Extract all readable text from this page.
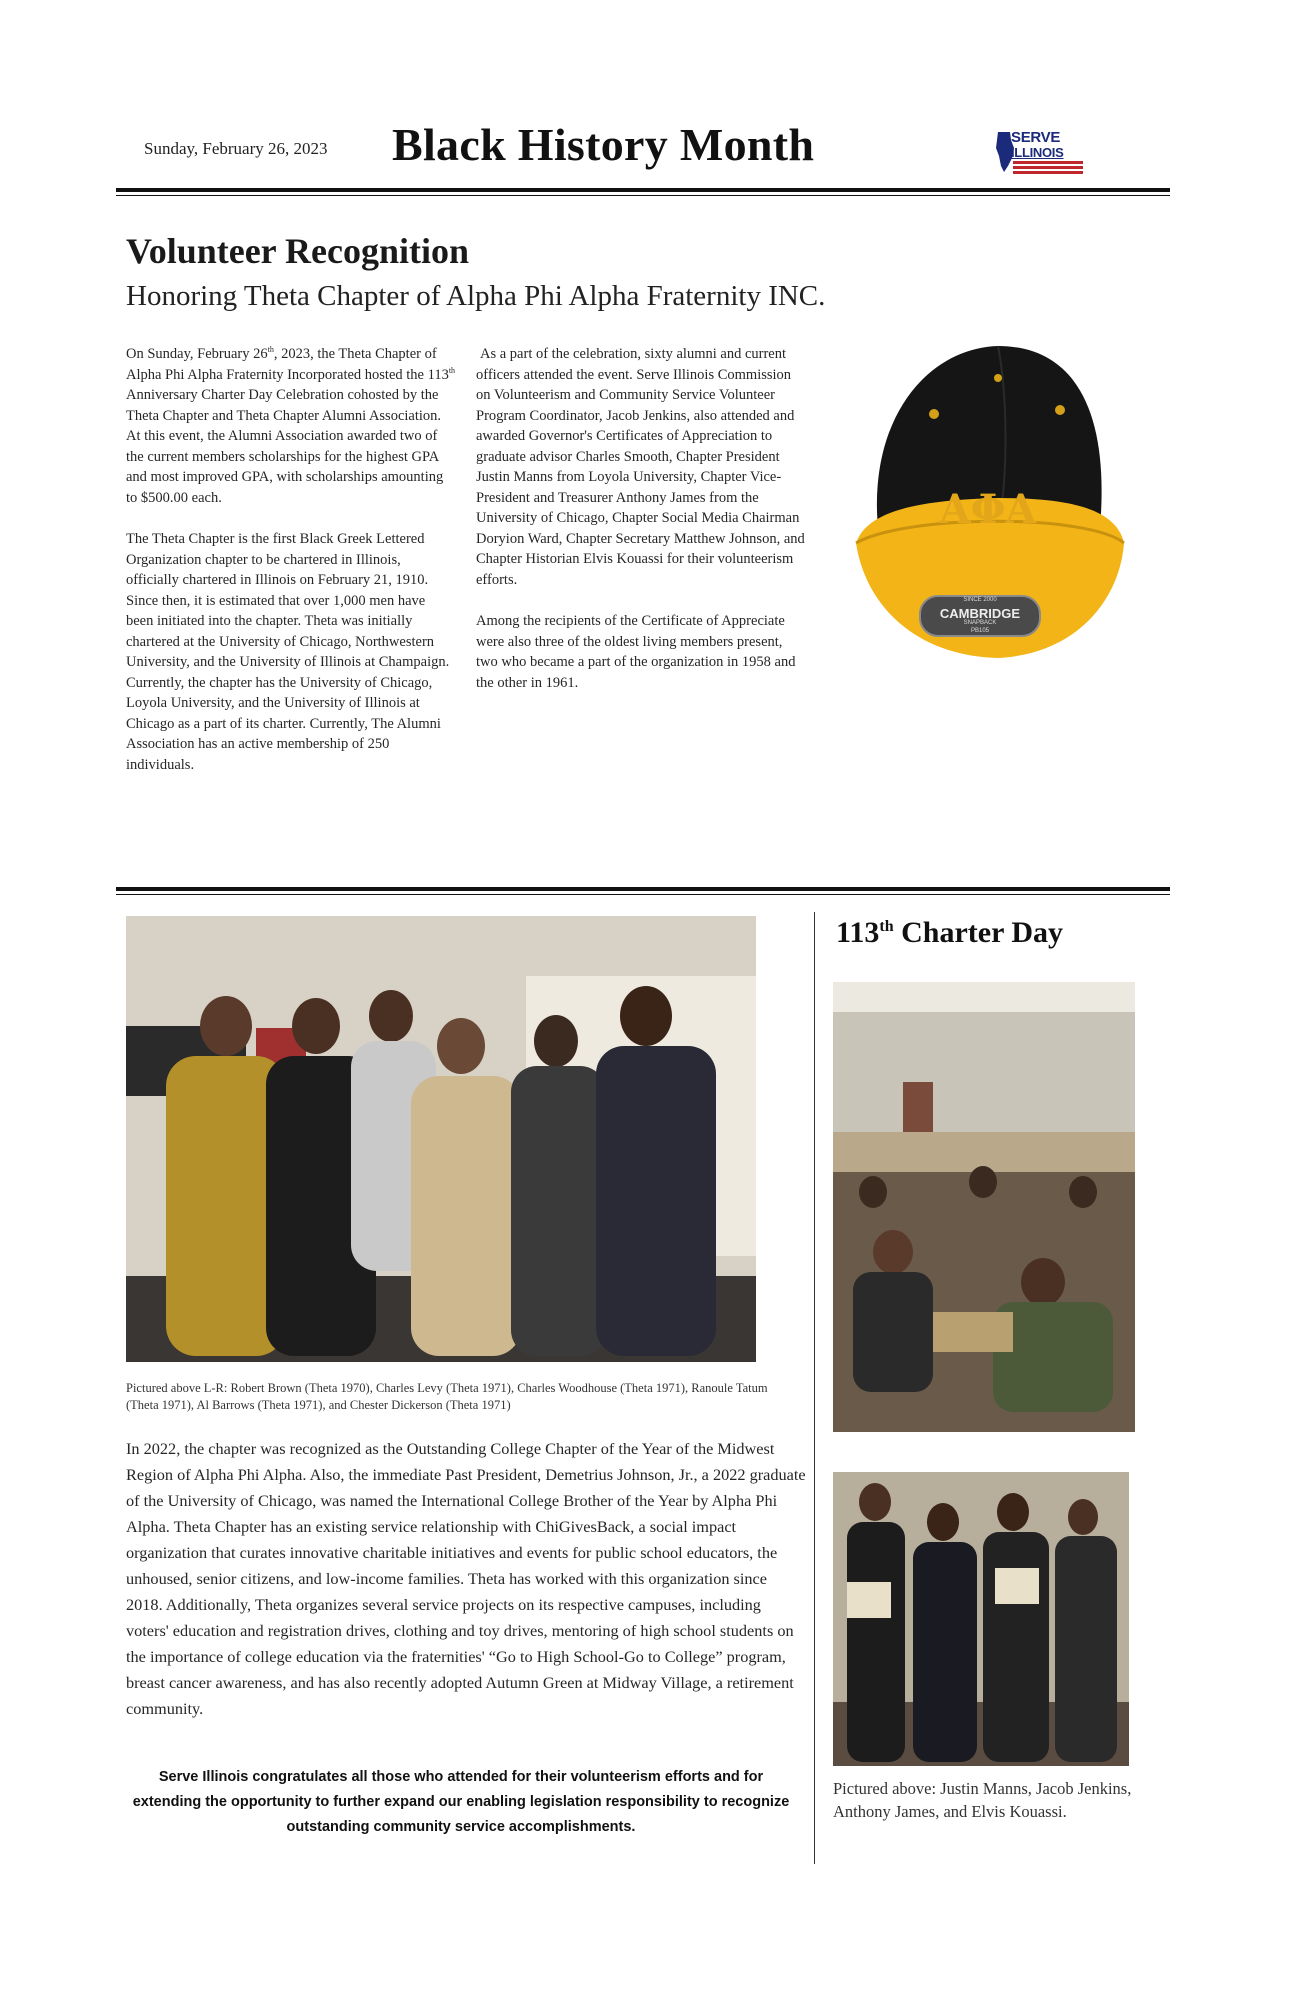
Sunday, February 26, 2023 Black History Month	SERVE
ILLINOIS
Volunteer Recognition
Honoring Theta Chapter of Alpha Phi Alpha Fraternity INC.

On Sunday, February 26th, 2023, the Theta Chapter of Alpha Phi Alpha Fraternity Incorporated hosted the 113th Anniversary Charter Day Celebration cohosted by the Theta Chapter and Theta Chapter Alumni Association. At this event, the Alumni Association awarded two of the current members scholarships for the highest GPA and most improved GPA, with scholarships amounting to $500.00 each.

The Theta Chapter is the first Black Greek Lettered Organization chapter to be chartered in Illinois, officially chartered in Illinois on February 21, 1910. Since then, it is estimated that over 1,000 men have been initiated into the chapter. Theta was initially chartered at the University of Chicago, Northwestern University, and the University of Illinois at Champaign. Currently, the chapter has the University of Chicago, Loyola University, and the University of Illinois at Chicago as a part of its charter. Currently, The Alumni Association has an active membership of 250 individuals.

As a part of the celebration, sixty alumni and current officers attended the event. Serve Illinois Commission on Volunteerism and Community Service Volunteer Program Coordinator, Jacob Jenkins, also attended and awarded Governor's Certificates of Appreciation to graduate advisor Charles Smooth, Chapter President Justin Manns from Loyola University, Chapter Vice-President and Treasurer Anthony James from the University of Chicago, Chapter Social Media Chairman Doryion Ward, Chapter Secretary Matthew Johnson, and Chapter Historian Elvis Kouassi for their volunteerism efforts.

Among the recipients of the Certificate of Appreciate were also three of the oldest living members present, two who became a part of the organization in 1958 and the other in 1961.

ΑΦΑ
SINCE 2000
CAMBRIDGE
SNAPBACK
PB105
Pictured above L-R: Robert Brown (Theta 1970), Charles Levy (Theta 1971), Charles Woodhouse (Theta 1971), Ranoule Tatum (Theta 1971), Al Barrows (Theta 1971), and Chester Dickerson (Theta 1971)
In 2022, the chapter was recognized as the Outstanding College Chapter of the Year of the Midwest Region of Alpha Phi Alpha. Also, the immediate Past President, Demetrius Johnson, Jr., a 2022 graduate of the University of Chicago, was named the International College Brother of the Year by Alpha Phi Alpha. Theta Chapter has an existing service relationship with ChiGivesBack, a social impact organization that curates innovative charitable initiatives and events for public school educators, the unhoused, senior citizens, and low-income families. Theta has worked with this organization since 2018. Additionally, Theta organizes several service projects on its respective campuses, including voters' education and registration drives, clothing and toy drives, mentoring of high school students on the importance of college education via the fraternities' “Go to High School-Go to College” program, breast cancer awareness, and has also recently adopted Autumn Green at Midway Village, a retirement community.
Serve Illinois congratulates all those who attended for their volunteerism efforts and for extending the opportunity to further expand our enabling legislation responsibility to recognize outstanding community service accomplishments.
113th Charter Day
Pictured above: Justin Manns, Jacob Jenkins, Anthony James, and Elvis Kouassi.
